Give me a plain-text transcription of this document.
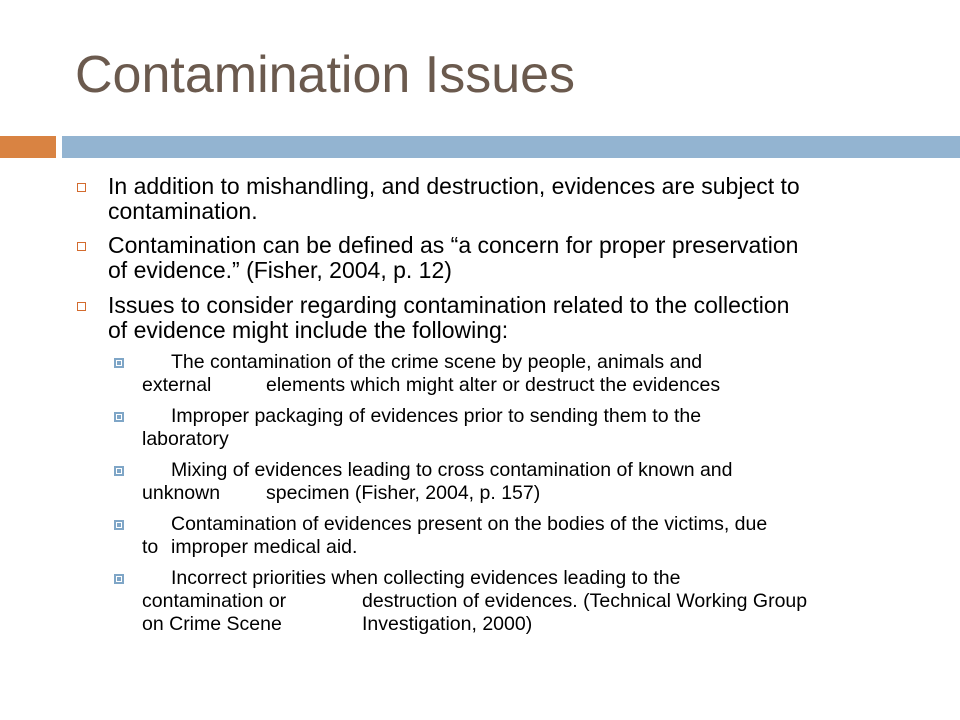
Contamination Issues
In addition to mishandling, and destruction, evidences are subject to
contamination.
Contamination can be defined as “a concern for proper preservation
of evidence.” (Fisher, 2004, p. 12)
Issues to consider regarding contamination related to the collection
of evidence might include the following:
The contamination of the crime scene by people, animals and
external	elements which might alter or destruct the evidences
Improper packaging of evidences prior to sending them to the
laboratory
Mixing of evidences leading to cross contamination of known and
unknown specimen (Fisher, 2004, p. 157)
Contamination of evidences present on the bodies of the victims, due
to improper medical aid.
Incorrect priorities when collecting evidences leading to the
contamination or	destruction of evidences. (Technical Working Group
on Crime Scene	Investigation, 2000)
